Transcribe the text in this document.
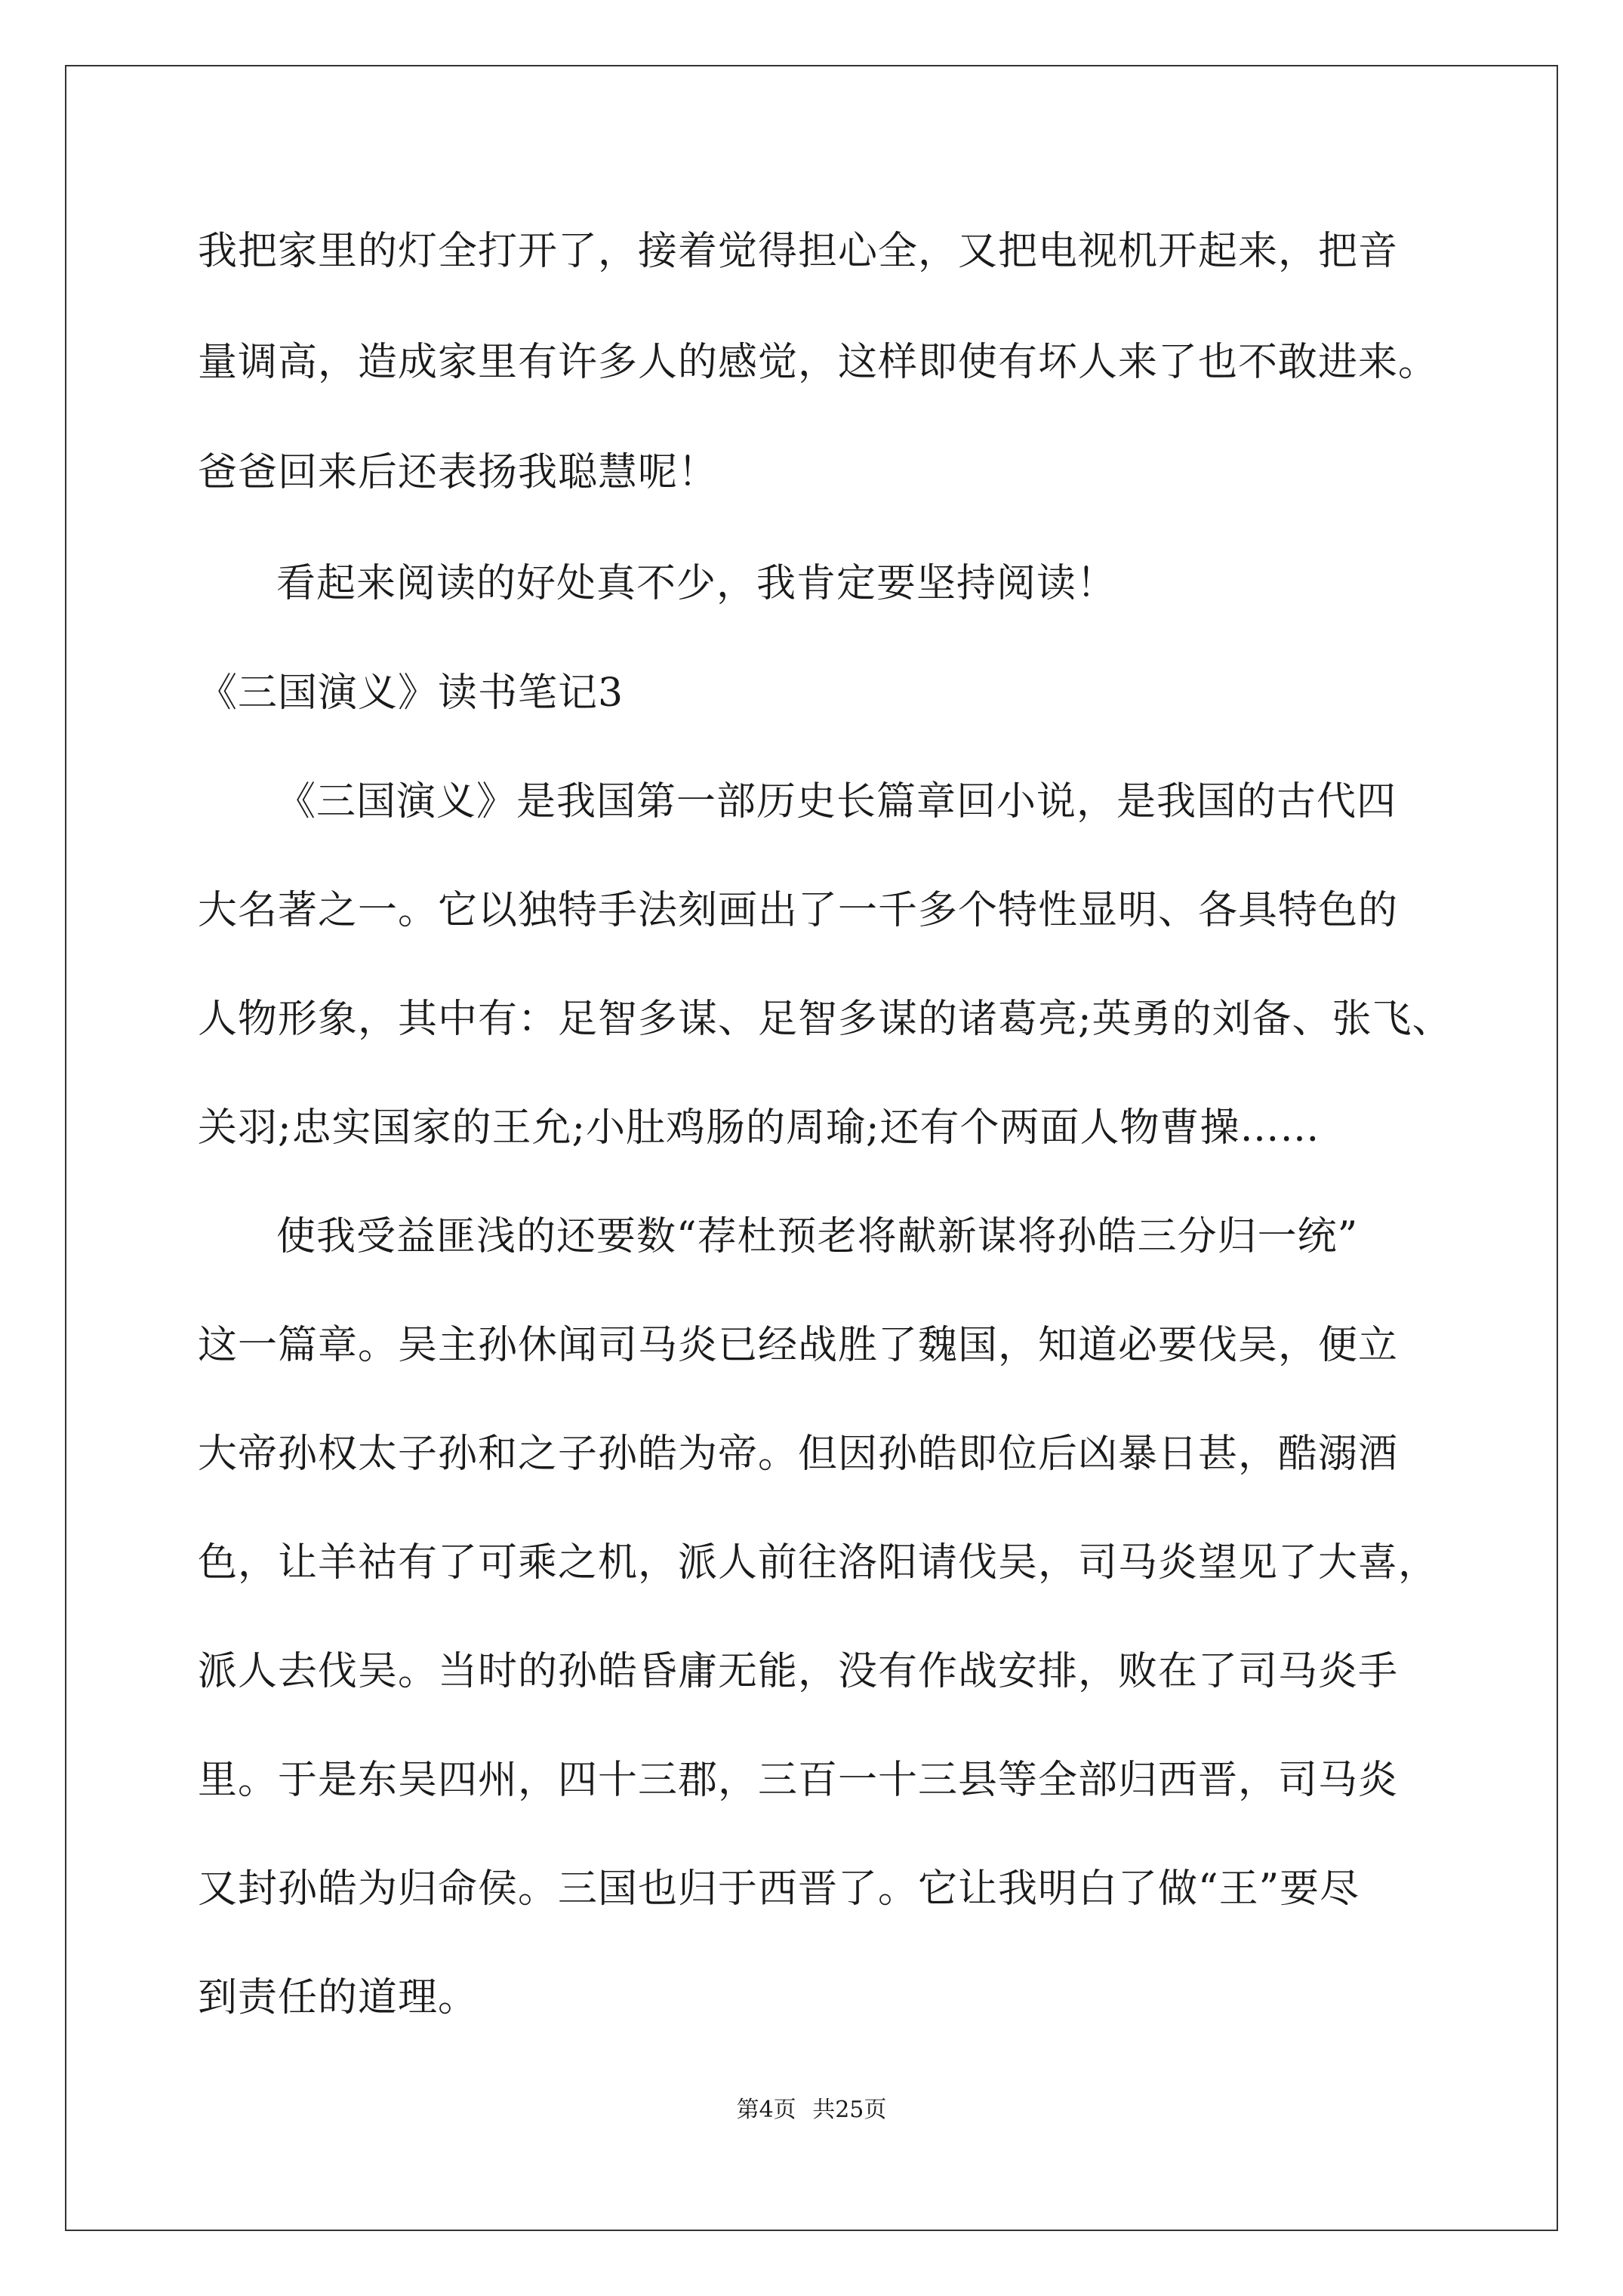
我把家里的灯全打开了，接着觉得担心全，又把电视机开起来，把音
量调高，造成家里有许多人的感觉，这样即使有坏人来了也不敢进来。
爸爸回来后还表扬我聪慧呢！
看起来阅读的好处真不少，我肯定要坚持阅读！
《三国演义》读书笔记3
《三国演义》是我国第一部历史长篇章回小说，是我国的古代四
大名著之一。它以独特手法刻画出了一千多个特性显明、各具特色的
人物形象，其中有：足智多谋、足智多谋的诸葛亮;英勇的刘备、张飞、
关羽;忠实国家的王允;小肚鸡肠的周瑜;还有个两面人物曹操……
使我受益匪浅的还要数“荐杜预老将献新谋将孙皓三分归一统”
这一篇章。吴主孙休闻司马炎已经战胜了魏国，知道必要伐吴，便立
大帝孙权太子孙和之子孙皓为帝。但因孙皓即位后凶暴日甚，酷溺酒
色，让羊祜有了可乘之机，派人前往洛阳请伐吴，司马炎望见了大喜，
派人去伐吴。当时的孙皓昏庸无能，没有作战安排，败在了司马炎手
里。于是东吴四州，四十三郡，三百一十三县等全部归西晋，司马炎
又封孙皓为归命侯。三国也归于西晋了。它让我明白了做“王”要尽
到责任的道理。
第4页 共25页
